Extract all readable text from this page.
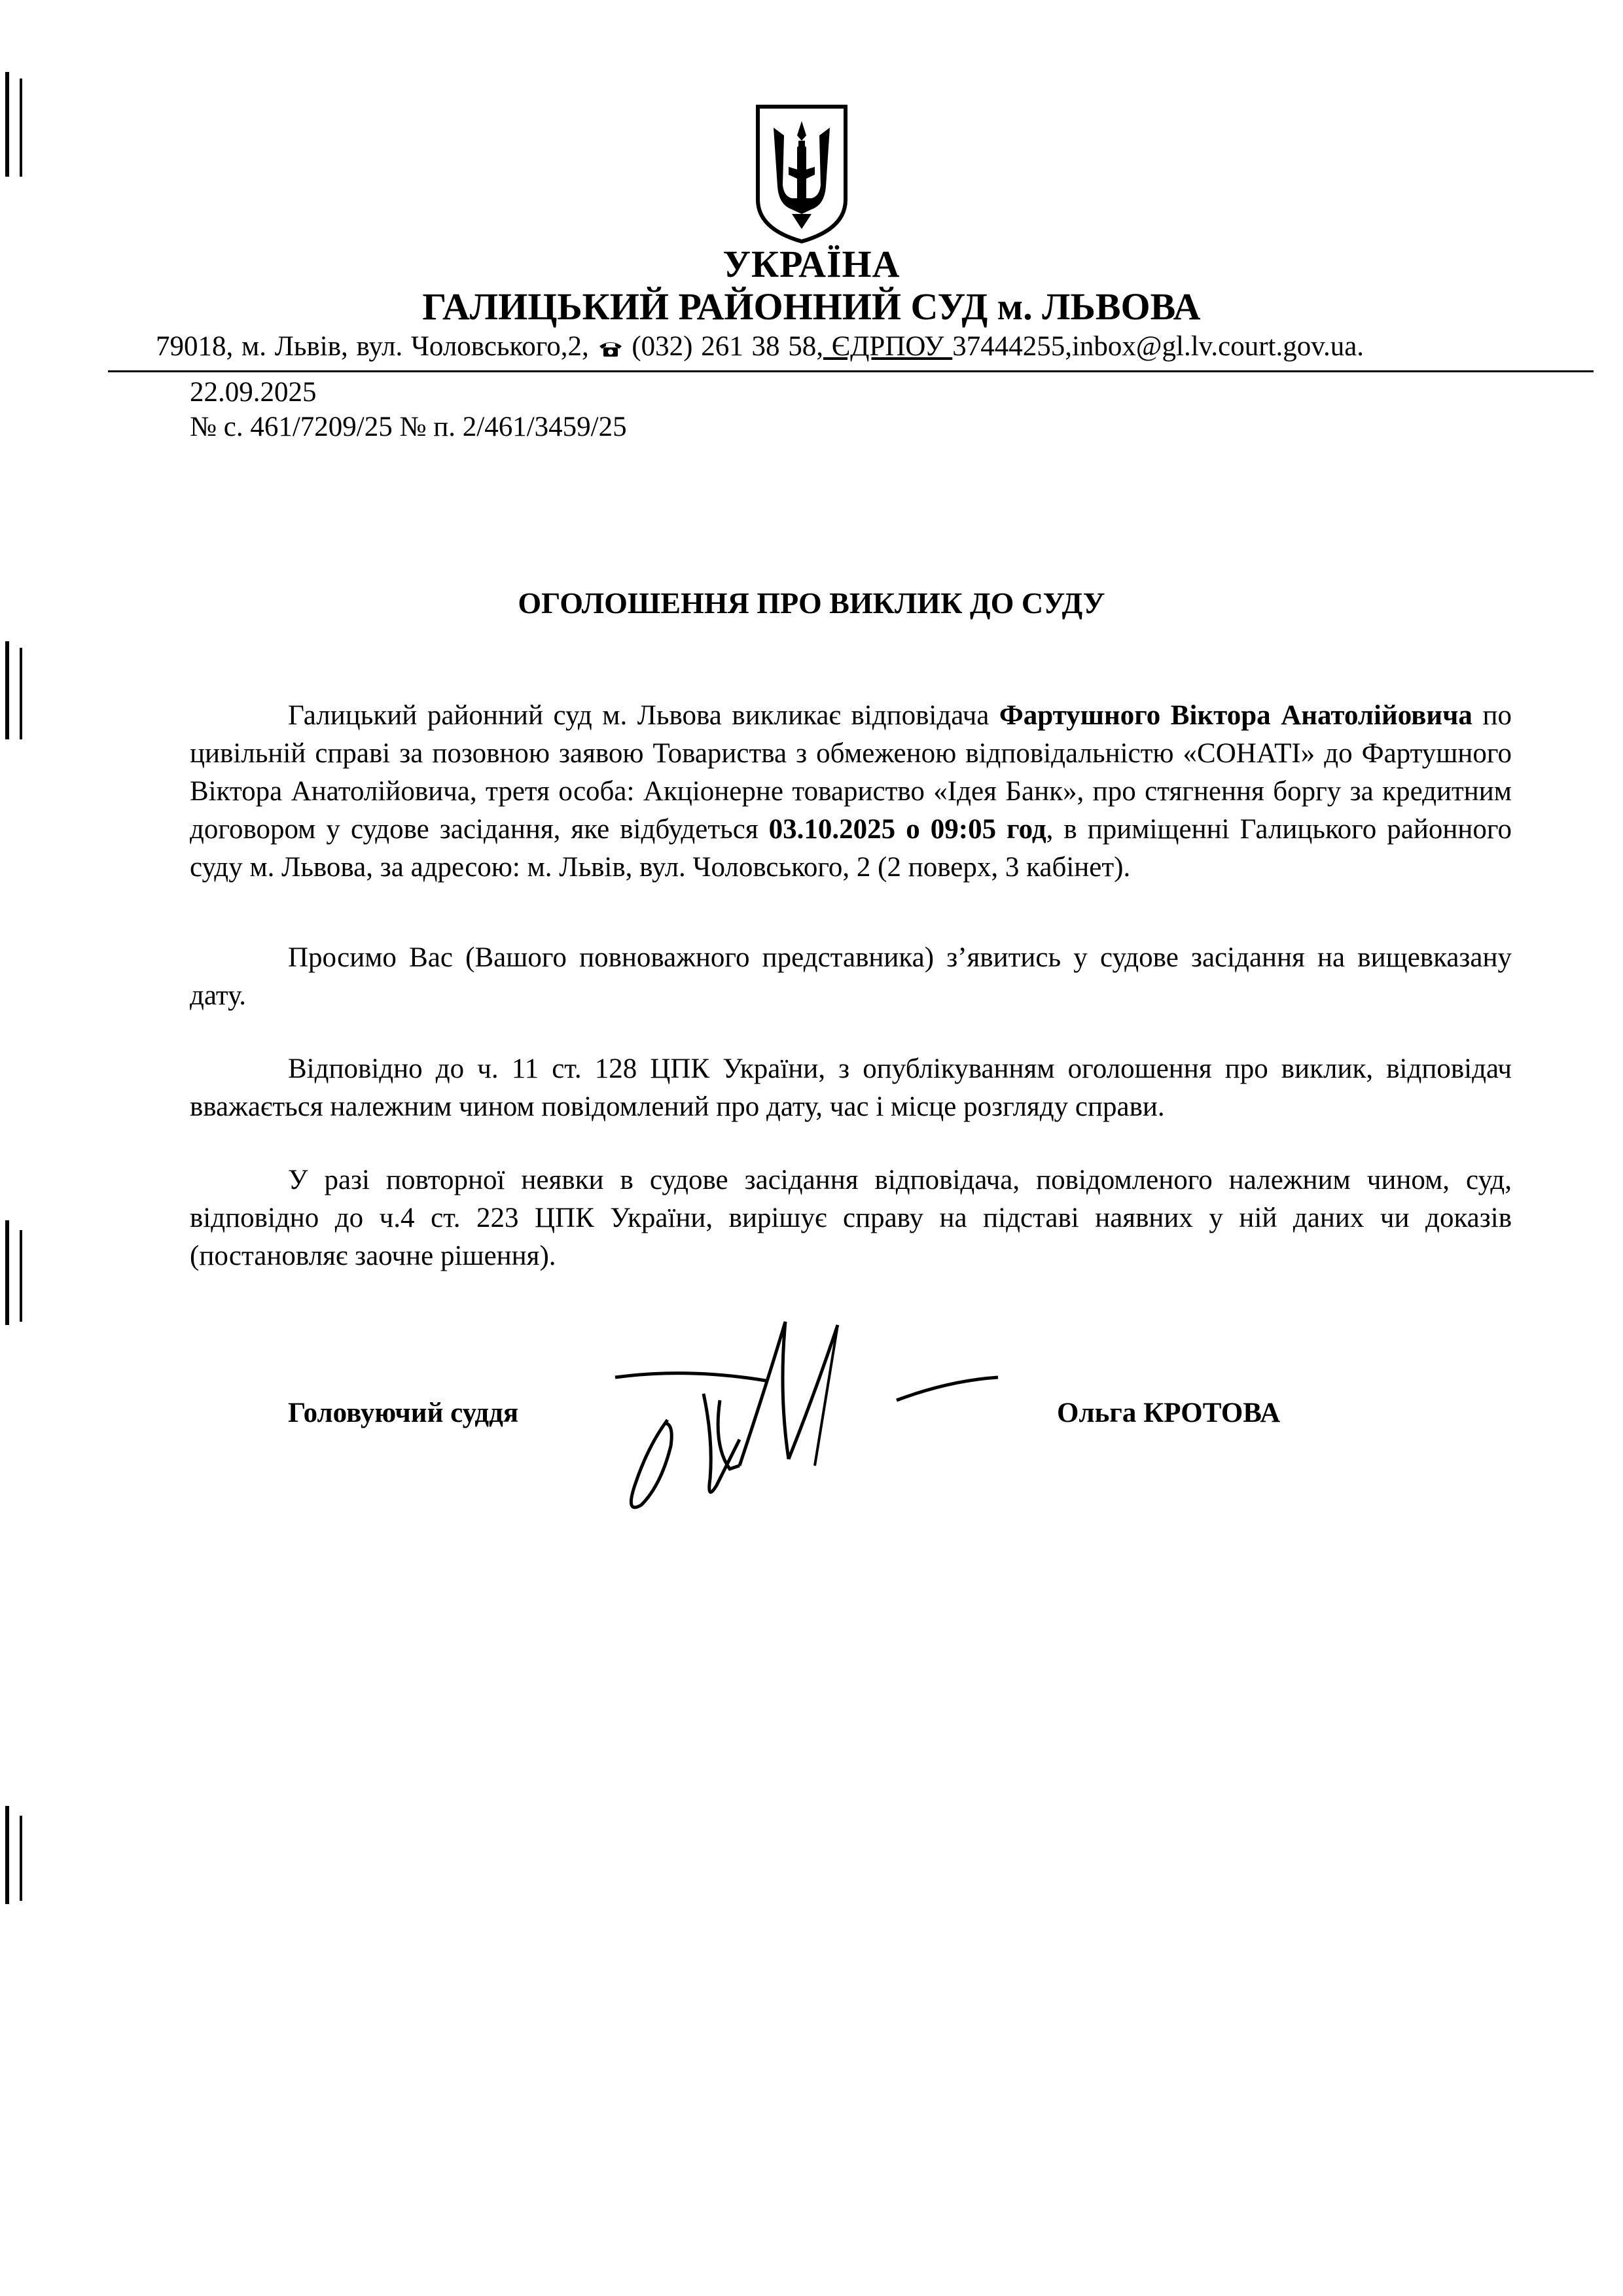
УКРАЇНА
ГАЛИЦЬКИЙ РАЙОННИЙ СУД м. ЛЬВОВА
79018, м. Львів, вул. Чоловського,2,  (032) 261 38 58, ЄДРПОУ 37444255,inbox@gl.lv.court.gov.ua.
22.09.2025
№ с. 461/7209/25 № п. 2/461/3459/25
ОГОЛОШЕННЯ ПРО ВИКЛИК ДО СУДУ

Галицький районний суд м. Львова викликає відповідача Фартушного Віктора Анатолійовича по цивільній справі за позовною заявою Товариства з обмеженою відповідальністю «СОНАТІ» до Фартушного Віктора Анатолійовича, третя особа: Акціонерне товариство «Ідея Банк», про стягнення боргу за кредитним договором у судове засідання, яке відбудеться 03.10.2025 о 09:05 год, в приміщенні Галицького районного суду м. Львова, за адресою: м. Львів, вул. Чоловського, 2 (2 поверх, 3 кабінет).

Просимо Вас (Вашого повноважного представника) з’явитись у судове засідання на вищевказану дату.

Відповідно до ч. 11 ст. 128 ЦПК України, з опублікуванням оголошення про виклик, відповідач вважається належним чином повідомлений про дату, час і місце розгляду справи.

У разі повторної неявки в судове засідання відповідача, повідомленого належним чином, суд, відповідно до ч.4 ст. 223 ЦПК України, вирішує справу на підставі наявних у ній даних чи доказів (постановляє заочне рішення).

Головуючий суддя	Ольга КРОТОВА
